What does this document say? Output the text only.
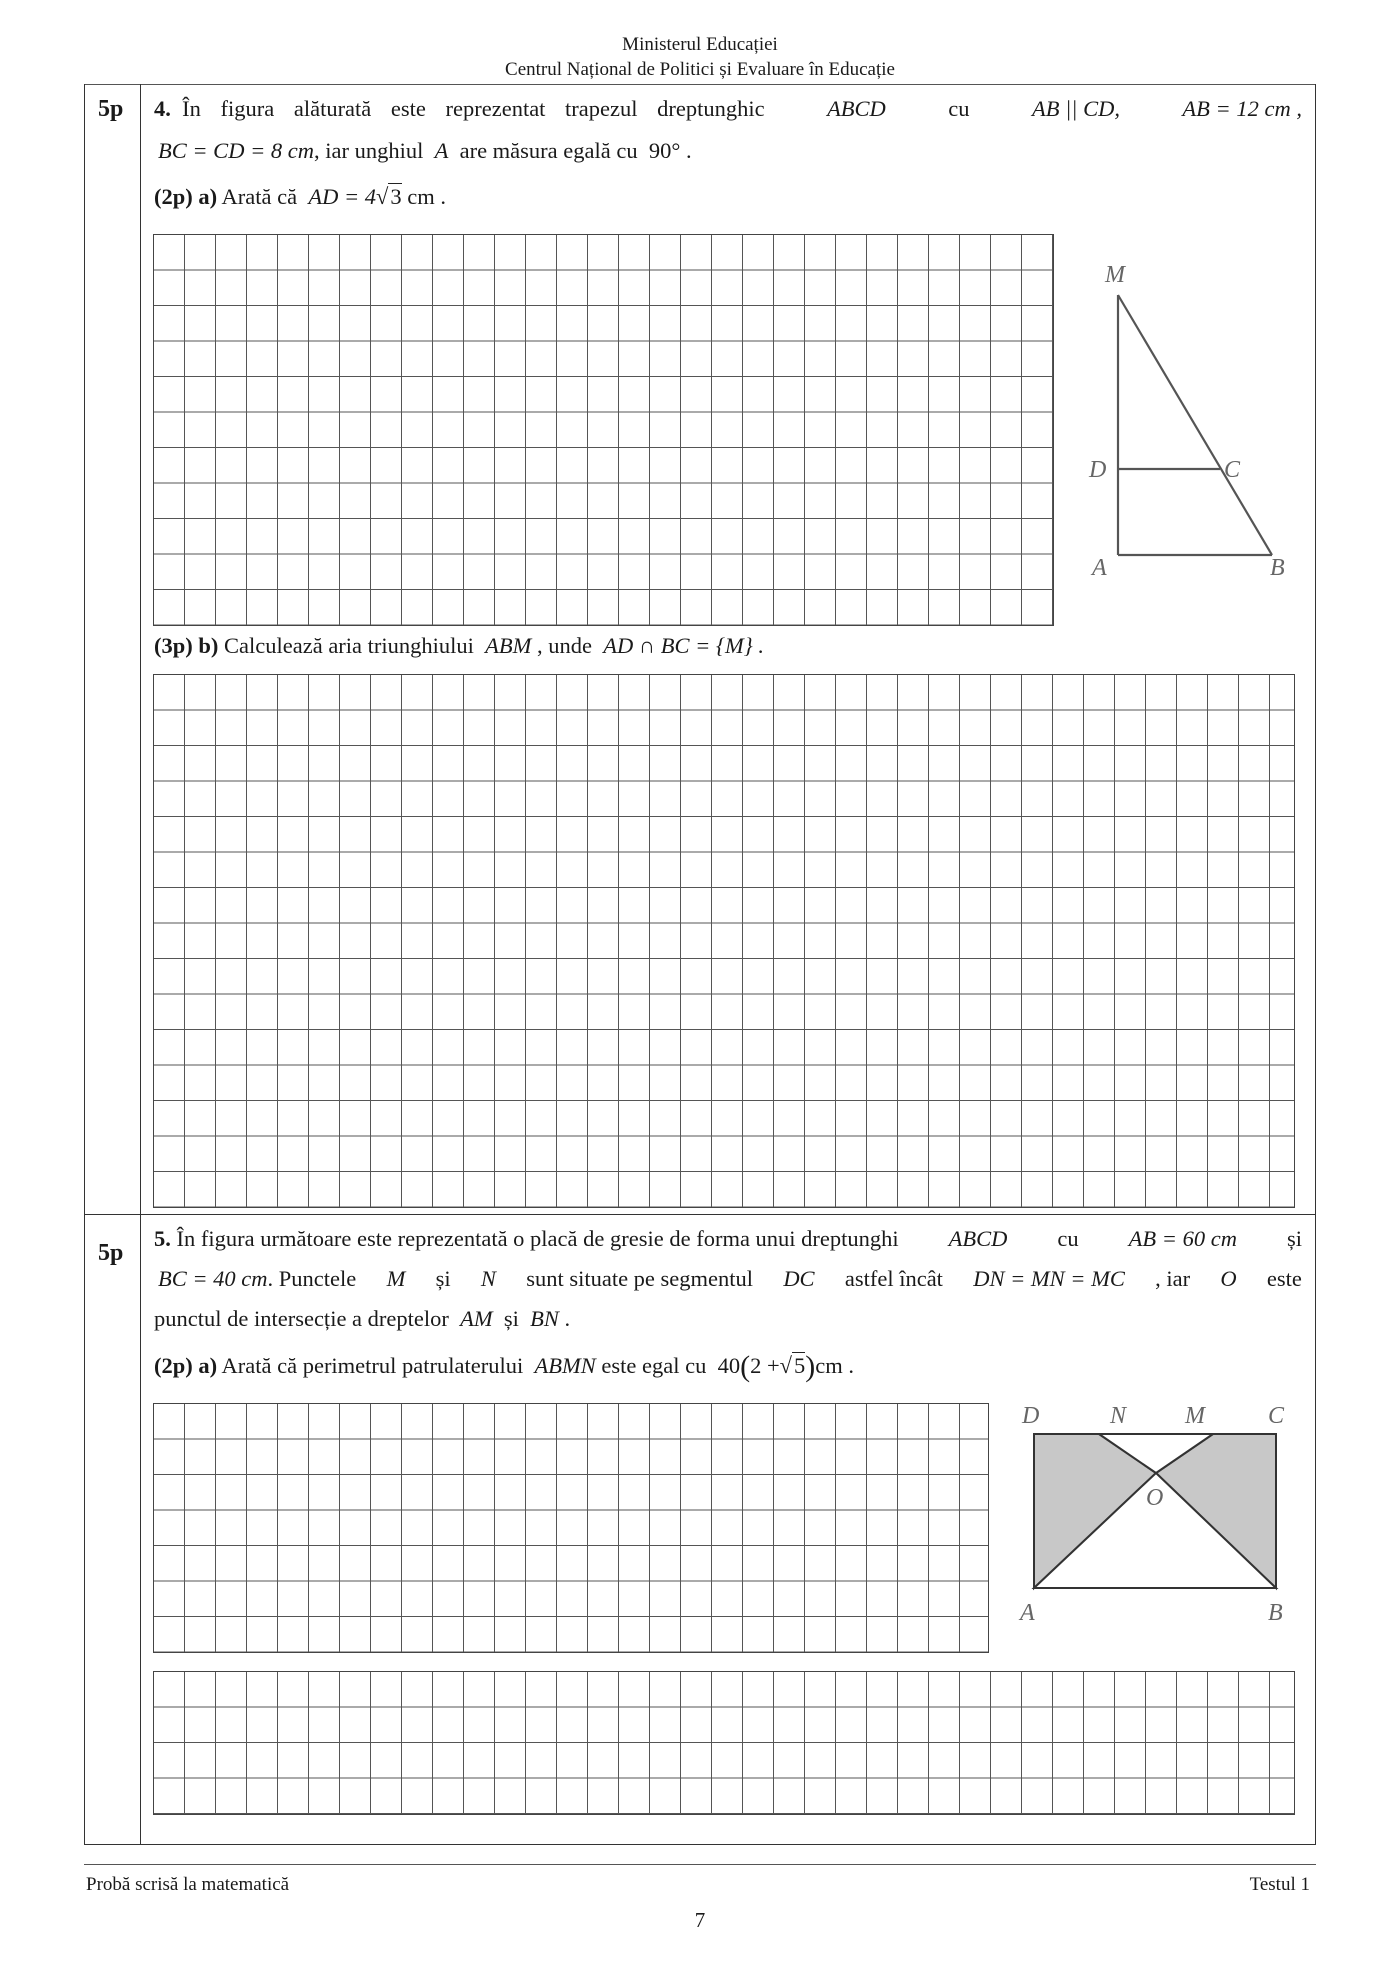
Ministerul Educației
Centrul Național de Politici și Evaluare în Educație
5p 4. În figura alăturată este reprezentat trapezul dreptunghic	ABCD	cu	AB || CD,	AB = 12 cm ,
BC = CD = 8 cm, iar unghiul A are măsura egală cu 90° .
(2p) a) Arată că AD = 4√3 cm .
M
D	C
A	B
(3p) b) Calculează aria triunghiului ABM , unde AD ∩ BC = {M} .
5p
5. În figura următoare este reprezentată o placă de gresie de forma unui dreptunghi ABCD cu AB = 60 cm și
BC = 40 cm. Punctele M și N sunt situate pe segmentul DC astfel încât DN = MN = MC , iar O este
punctul de intersecție a dreptelor AM și BN .
(2p) a) Arată că perimetrul patrulaterului ABMN este egal cu 40(2 +√5)cm .
D	N M	C
O
A	B
Probă scrisă la matematică	Testul 1
7
